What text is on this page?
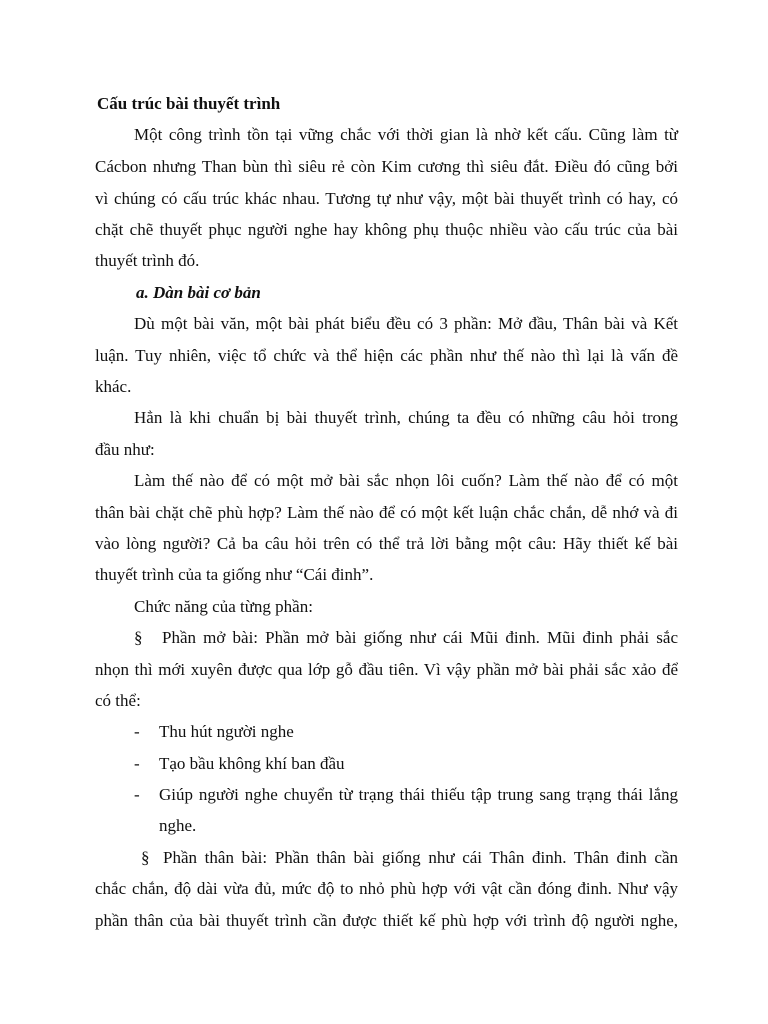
Cấu trúc bài thuyết trình
Một công trình tồn tại vững chắc với thời gian là nhờ kết cấu. Cũng làm từ
Cácbon nhưng Than bùn thì siêu rẻ còn Kim cương thì siêu đắt. Điều đó cũng bởi
vì chúng có cấu trúc khác nhau. Tương tự như vậy, một bài thuyết trình có hay, có
chặt chẽ thuyết phục người nghe hay không phụ thuộc nhiều vào cấu trúc của bài
thuyết trình đó.
a. Dàn bài cơ bản
Dù một bài văn, một bài phát biểu đều có 3 phần: Mở đầu, Thân bài và Kết
luận. Tuy nhiên, việc tổ chức và thể hiện các phần như thế nào thì lại là vấn đề
khác.
Hẳn là khi chuẩn bị bài thuyết trình, chúng ta đều có những câu hỏi trong
đầu như:
Làm thế nào để có một mở bài sắc nhọn lôi cuốn? Làm thế nào để có một
thân bài chặt chẽ phù hợp? Làm thế nào để có một kết luận chắc chắn, dễ nhớ và đi
vào lòng người? Cả ba câu hỏi trên có thể trả lời bằng một câu: Hãy thiết kế bài
thuyết trình của ta giống như “Cái đinh”.
Chức năng của từng phần:
§ Phần mở bài: Phần mở bài giống như cái Mũi đinh. Mũi đinh phải sắc
nhọn thì mới xuyên được qua lớp gỗ đầu tiên. Vì vậy phần mở bài phải sắc xảo để
có thể:
- Thu hút người nghe
- Tạo bầu không khí ban đầu
- Giúp người nghe chuyển từ trạng thái thiếu tập trung sang trạng thái lắng
nghe.
§ Phần thân bài: Phần thân bài giống như cái Thân đinh. Thân đinh cần
chắc chắn, độ dài vừa đủ, mức độ to nhỏ phù hợp với vật cần đóng đinh. Như vậy
phần thân của bài thuyết trình cần được thiết kế phù hợp với trình độ người nghe,
